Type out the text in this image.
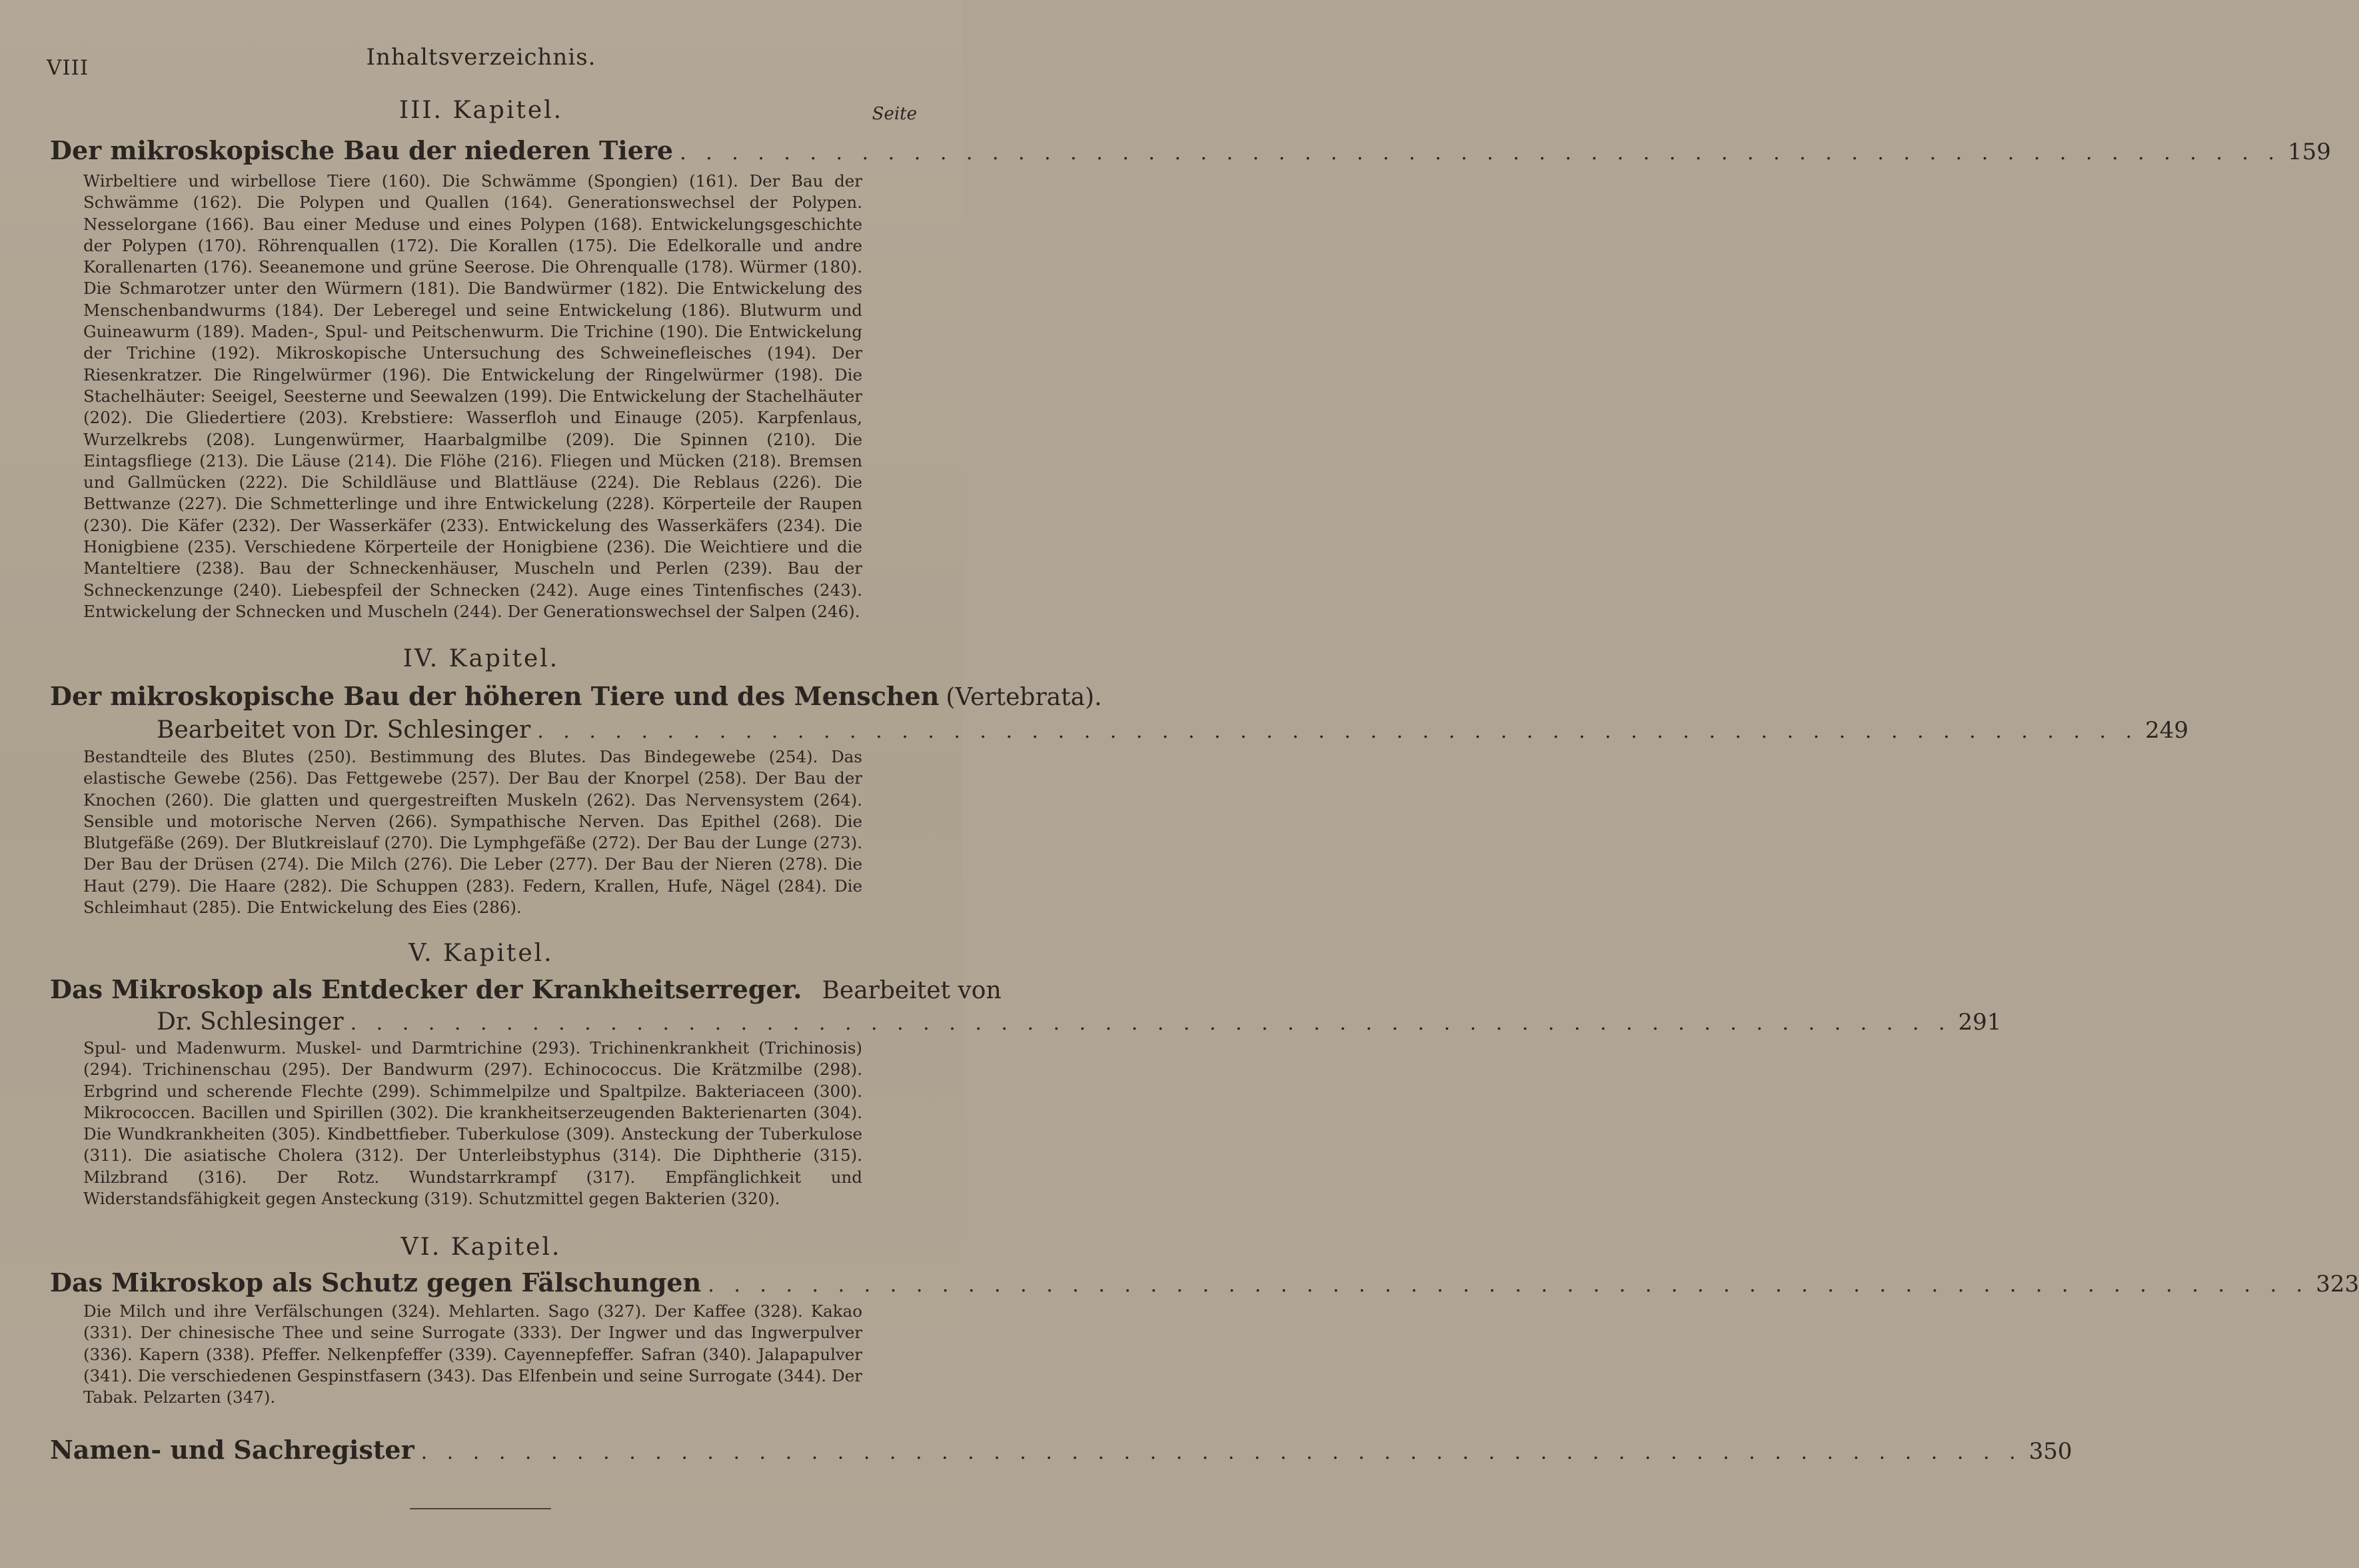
VIII	Inhaltsverzeichnis.
Seite
III. Kapitel.
Der mikroskopische Bau der niederen Tiere . . .	159
Wirbeltiere und wirbellose Tiere (160). Die Schwämme (Spongien) (161). Der Bau der Schwämme (162). Die Polypen und Quallen (164). Generationswechsel der Polypen. Nesselorgane (166). Bau einer Meduse und eines Polypen (168). Entwickelungsgeschichte der Polypen (170). Röhrenquallen (172). Die Korallen (175). Die Edelkoralle und andre Korallenarten (176). Seeanemone und grüne Seerose. Die Ohrenqualle (178). Würmer (180). Die Schmarotzer unter den Würmern (181). Die Bandwürmer (182). Die Entwickelung des Menschenbandwurms (184). Der Leberegel und seine Entwickelung (186). Blutwurm und Guineawurm (189). Maden-, Spul- und Peitschenwurm. Die Trichine (190). Die Entwickelung der Trichine (192). Mikroskopische Untersuchung des Schweinefleisches (194). Der Riesenkratzer. Die Ringelwürmer (196). Die Entwickelung der Ringelwürmer (198). Die Stachelhäuter: Seeigel, Seesterne und Seewalzen (199). Die Entwickelung der Stachelhäuter (202). Die Gliedertiere (203). Krebstiere: Wasserfloh und Einauge (205). Karpfenlaus, Wurzelkrebs (208). Lungenwürmer, Haarbalgmilbe (209). Die Spinnen (210). Die Eintagsfliege (213). Die Läuse (214). Die Flöhe (216). Fliegen und Mücken (218). Bremsen und Gallmücken (222). Die Schildläuse und Blattläuse (224). Die Reblaus (226). Die Bettwanze (227). Die Schmetterlinge und ihre Entwickelung (228). Körperteile der Raupen (230). Die Käfer (232). Der Wasserkäfer (233). Entwickelung des Wasserkäfers (234). Die Honigbiene (235). Verschiedene Körperteile der Honigbiene (236). Die Weichtiere und die Manteltiere (238). Bau der Schneckenhäuser, Muscheln und Perlen (239). Bau der Schneckenzunge (240). Liebespfeil der Schnecken (242). Auge eines Tintenfisches (243). Entwickelung der Schnecken und Muscheln (244). Der Generationswechsel der Salpen (246).
IV. Kapitel.
Der mikroskopische Bau der höheren Tiere und des Menschen (Vertebrata).
Bearbeitet von Dr. Schlesinger . . .	249
Bestandteile des Blutes (250). Bestimmung des Blutes. Das Bindegewebe (254). Das elastische Gewebe (256). Das Fettgewebe (257). Der Bau der Knorpel (258). Der Bau der Knochen (260). Die glatten und quergestreiften Muskeln (262). Das Nervensystem (264). Sensible und motorische Nerven (266). Sympathische Nerven. Das Epithel (268). Die Blutgefäße (269). Der Blutkreislauf (270). Die Lymphgefäße (272). Der Bau der Lunge (273). Der Bau der Drüsen (274). Die Milch (276). Die Leber (277). Der Bau der Nieren (278). Die Haut (279). Die Haare (282). Die Schuppen (283). Federn, Krallen, Hufe, Nägel (284). Die Schleimhaut (285). Die Entwickelung des Eies (286).
V. Kapitel.
Das Mikroskop als Entdecker der Krankheitserreger. Bearbeitet von
Dr. Schlesinger . . .	291
Spul- und Madenwurm. Muskel- und Darmtrichine (293). Trichinenkrankheit (Trichinosis) (294). Trichinenschau (295). Der Bandwurm (297). Echinococcus. Die Krätzmilbe (298). Erbgrind und scherende Flechte (299). Schimmelpilze und Spaltpilze. Bakteriaceen (300). Mikrococcen. Bacillen und Spirillen (302). Die krankheitserzeugenden Bakterienarten (304). Die Wundkrankheiten (305). Kindbettfieber. Tuberkulose (309). Ansteckung der Tuberkulose (311). Die asiatische Cholera (312). Der Unterleibstyphus (314). Die Diphtherie (315). Milzbrand (316). Der Rotz. Wundstarrkrampf (317). Empfänglichkeit und Widerstandsfähigkeit gegen Ansteckung (319). Schutzmittel gegen Bakterien (320).
VI. Kapitel.
Das Mikroskop als Schutz gegen Fälschungen . . .	323
Die Milch und ihre Verfälschungen (324). Mehlarten. Sago (327). Der Kaffee (328). Kakao (331). Der chinesische Thee und seine Surrogate (333). Der Ingwer und das Ingwerpulver (336). Kapern (338). Pfeffer. Nelkenpfeffer (339). Cayennepfeffer. Safran (340). Jalapapulver (341). Die verschiedenen Gespinstfasern (343). Das Elfenbein und seine Surrogate (344). Der Tabak. Pelzarten (347).
Namen- und Sachregister . . .	350
